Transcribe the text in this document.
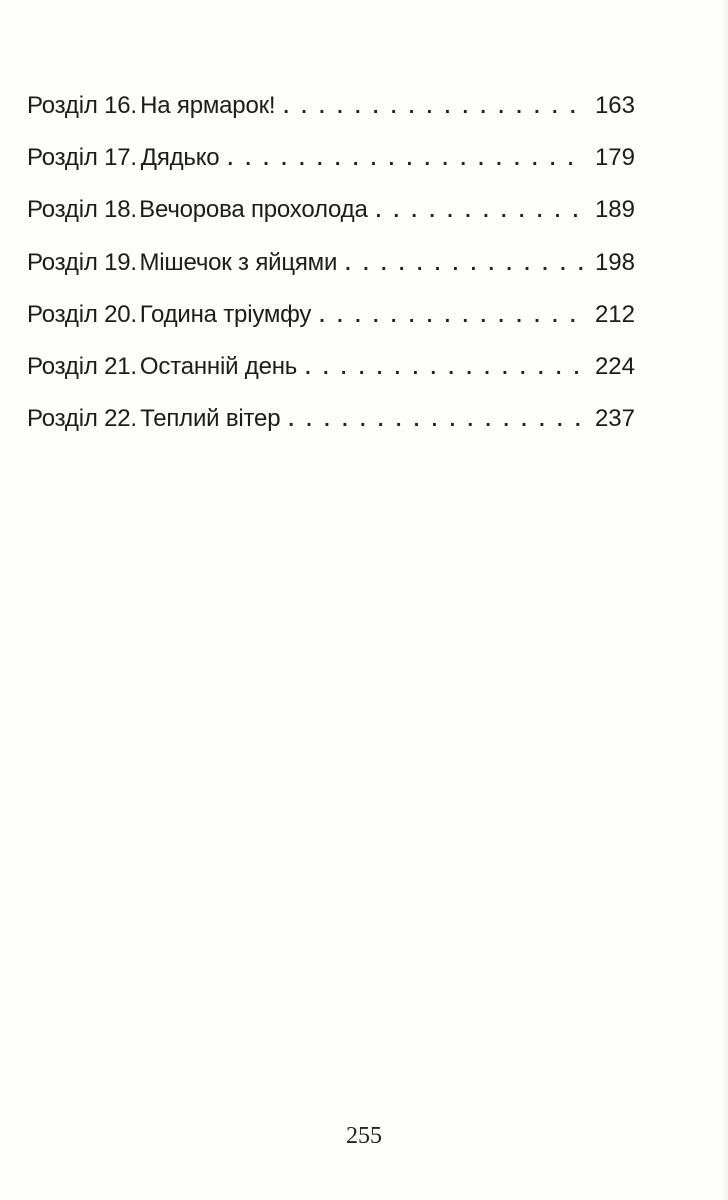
Розділ 16. На ярмарок! . . .	163
Розділ 17. Дядько . . .	179
Розділ 18. Вечорова прохолода . . .	189
Розділ 19. Мішечок з яйцями . . .	198
Розділ 20. Година тріумфу . . .	212
Розділ 21. Останній день . . .	224
Розділ 22. Теплий вітер . . .	237
255
